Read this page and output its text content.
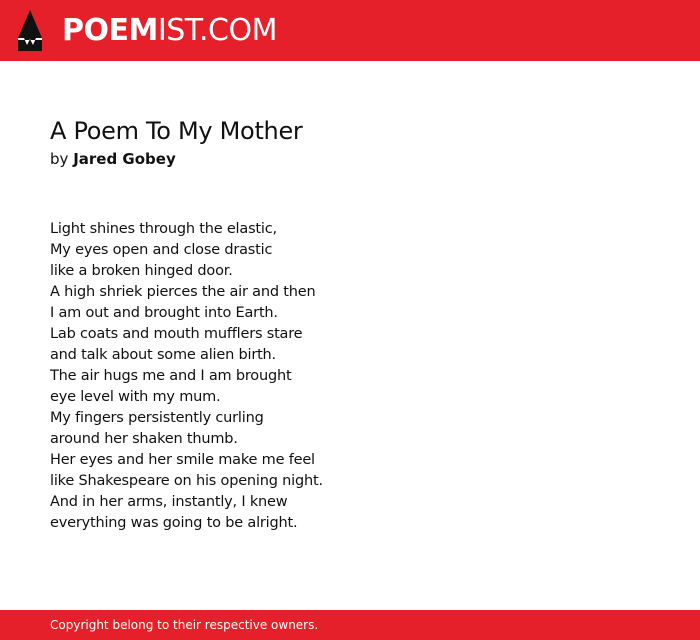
POEMIST.COM
A Poem To My Mother
by Jared Gobey
Light shines through the elastic,
My eyes open and close drastic
like a broken hinged door.
A high shriek pierces the air and then
I am out and brought into Earth.
Lab coats and mouth mufflers stare
and talk about some alien birth.
The air hugs me and I am brought
eye level with my mum.
My fingers persistently curling
around her shaken thumb.
Her eyes and her smile make me feel
like Shakespeare on his opening night.
And in her arms, instantly, I knew
everything was going to be alright.
Copyright belong to their respective owners.
